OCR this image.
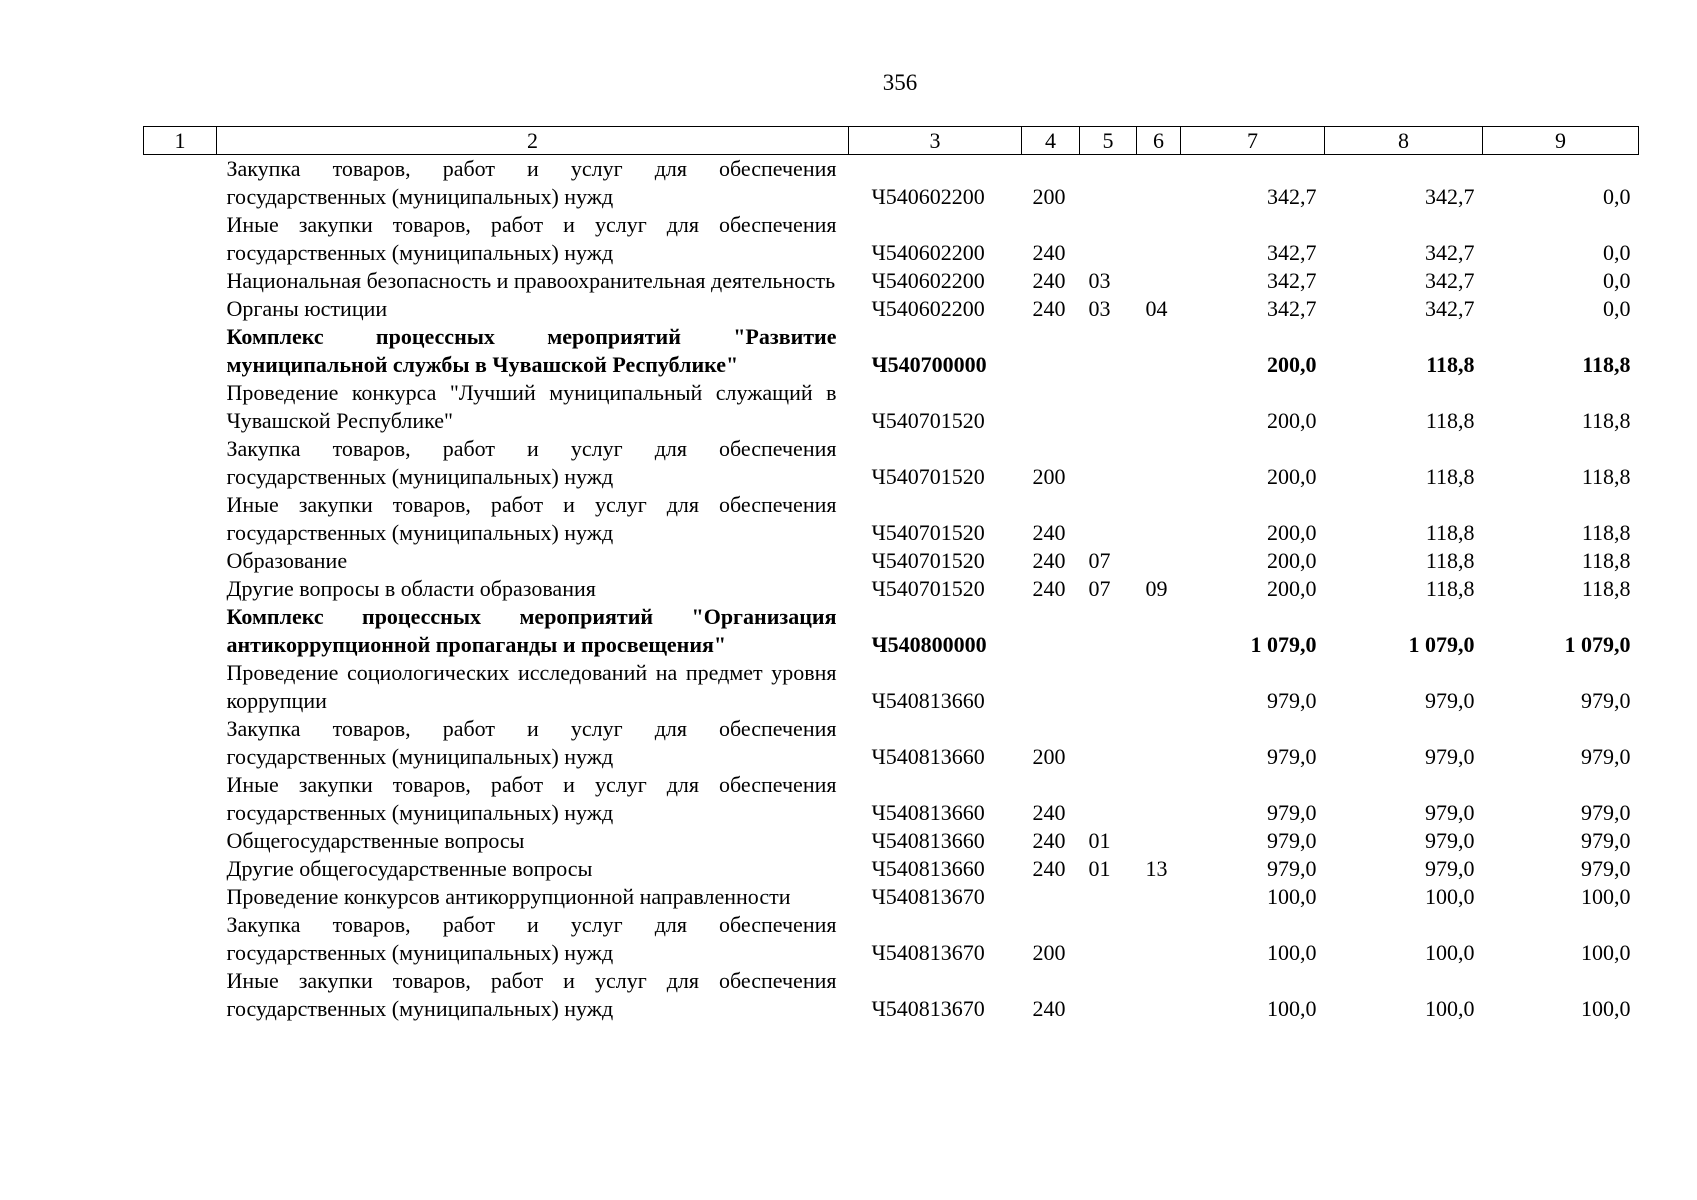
356
1	2	3	4	5	6	7	8	9
	Закупка товаров, работ и услуг для обеспечения государственных (муниципальных) нужд	Ч540602200	200			342,7	342,7	0,0
	Иные закупки товаров, работ и услуг для обеспечения государственных (муниципальных) нужд	Ч540602200	240			342,7	342,7	0,0
	Национальная безопасность и правоохранительная деятельность	Ч540602200	240	03		342,7	342,7	0,0
	Органы юстиции	Ч540602200	240	03	04	342,7	342,7	0,0
	Комплекс процессных мероприятий "Развитие муниципальной службы в Чувашской Республике"	Ч540700000				200,0	118,8	118,8
	Проведение конкурса "Лучший муниципальный служащий в Чувашской Республике"	Ч540701520				200,0	118,8	118,8
	Закупка товаров, работ и услуг для обеспечения государственных (муниципальных) нужд	Ч540701520	200			200,0	118,8	118,8
	Иные закупки товаров, работ и услуг для обеспечения государственных (муниципальных) нужд	Ч540701520	240			200,0	118,8	118,8
	Образование	Ч540701520	240	07		200,0	118,8	118,8
	Другие вопросы в области образования	Ч540701520	240	07	09	200,0	118,8	118,8
	Комплекс процессных мероприятий "Организация антикоррупционной пропаганды и просвещения"	Ч540800000				1 079,0	1 079,0	1 079,0
	Проведение социологических исследований на предмет уровня коррупции	Ч540813660				979,0	979,0	979,0
	Закупка товаров, работ и услуг для обеспечения государственных (муниципальных) нужд	Ч540813660	200			979,0	979,0	979,0
	Иные закупки товаров, работ и услуг для обеспечения государственных (муниципальных) нужд	Ч540813660	240			979,0	979,0	979,0
	Общегосударственные вопросы	Ч540813660	240	01		979,0	979,0	979,0
	Другие общегосударственные вопросы	Ч540813660	240	01	13	979,0	979,0	979,0
	Проведение конкурсов антикоррупционной направленности	Ч540813670				100,0	100,0	100,0
	Закупка товаров, работ и услуг для обеспечения государственных (муниципальных) нужд	Ч540813670	200			100,0	100,0	100,0
	Иные закупки товаров, работ и услуг для обеспечения государственных (муниципальных) нужд	Ч540813670	240			100,0	100,0	100,0
